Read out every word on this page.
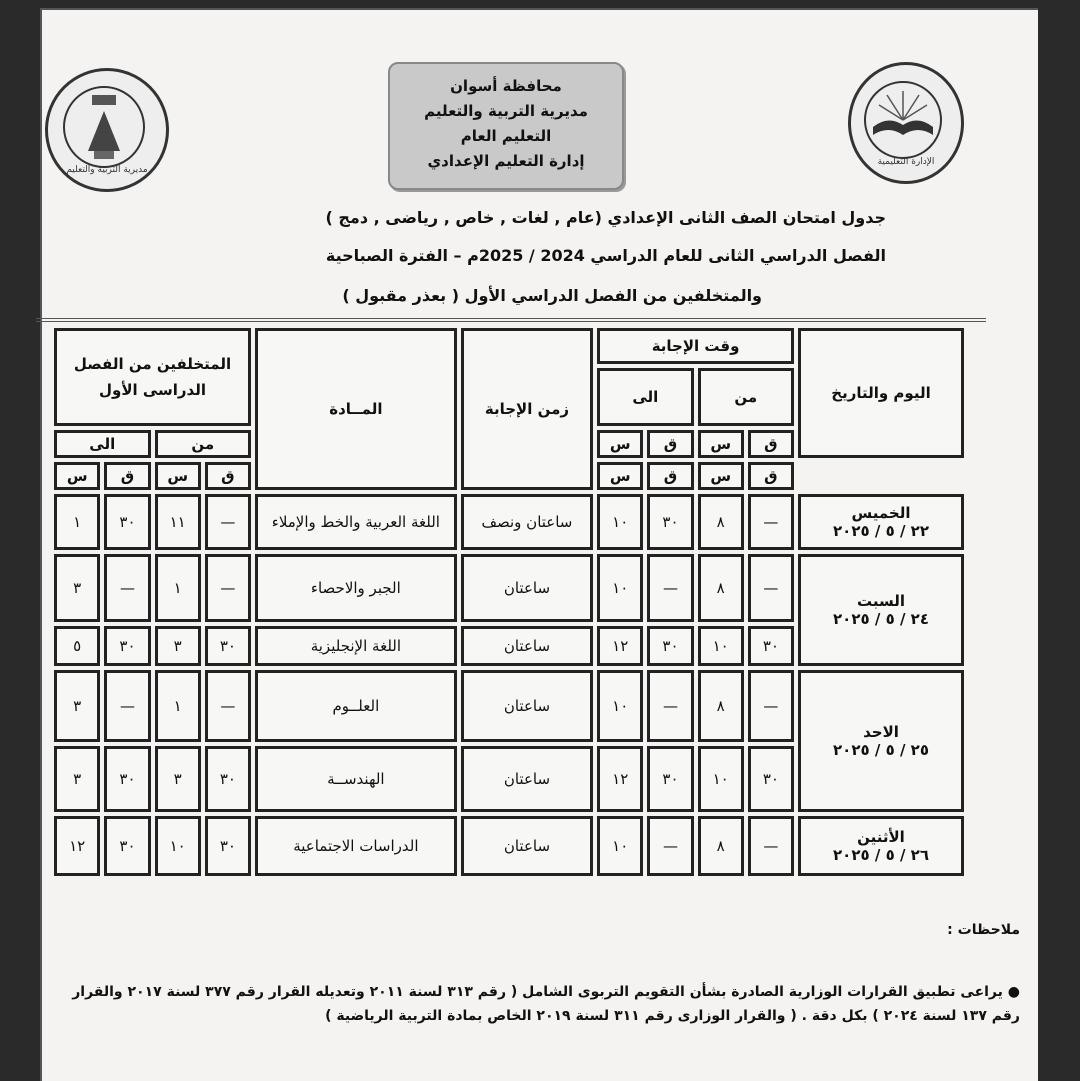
مديرية التربية والتعليم
الإدارة التعليمية
محافظة أسوان
مديرية التربية والتعليم
التعليم العام
إدارة التعليم الإعدادي
جدول امتحان الصف الثانى الإعدادي (عام , لغات , خاص , رياضى , دمج )
الفصل الدراسي الثانى للعام الدراسي 2024 / 2025م – الفترة الصباحية
والمتخلفين من الفصل الدراسي الأول ( بعذر مقبول )
اليوم والتاريخ	وقت الإجابة				زمن الإجابة	المــادة	المتخلفين من الفصل الدراسى الأول			
	من		الى							
	ق	س	ق	س			من		الى	
	ق	س	ق	س			ق	س	ق	س

الخميس
٢٢ / ٥ / ٢٠٢٥	—	٨	٣٠	١٠	ساعتان ونصف	اللغة العربية والخط والإملاء	—	١١	٣٠	١

السبت
٢٤ / ٥ / ٢٠٢٥	—	٨	—	١٠	ساعتان	الجبر والاحصاء	—	١	—	٣
	٣٠	١٠	٣٠	١٢	ساعتان	اللغة الإنجليزية	٣٠	٣	٣٠	٥

الاحد
٢٥ / ٥ / ٢٠٢٥	—	٨	—	١٠	ساعتان	العلــوم	—	١	—	٣
	٣٠	١٠	٣٠	١٢	ساعتان	الهندســة	٣٠	٣	٣٠	٣

الأثنين
٢٦ / ٥ / ٢٠٢٥	—	٨	—	١٠	ساعتان	الدراسات الاجتماعية	٣٠	١٠	٣٠	١٢
ملاحظات :
● يراعى تطبيق القرارات الوزارية الصادرة بشأن التقويم التربوى الشامل ( رقم ٣١٣ لسنة ٢٠١١ وتعديله القرار رقم ٣٧٧ لسنة ٢٠١٧ والقرار رقم ١٣٧ لسنة ٢٠٢٤ ) بكل دقة . ( والقرار الوزارى رقم ٣١١ لسنة ٢٠١٩ الخاص بمادة التربية الرياضية )
